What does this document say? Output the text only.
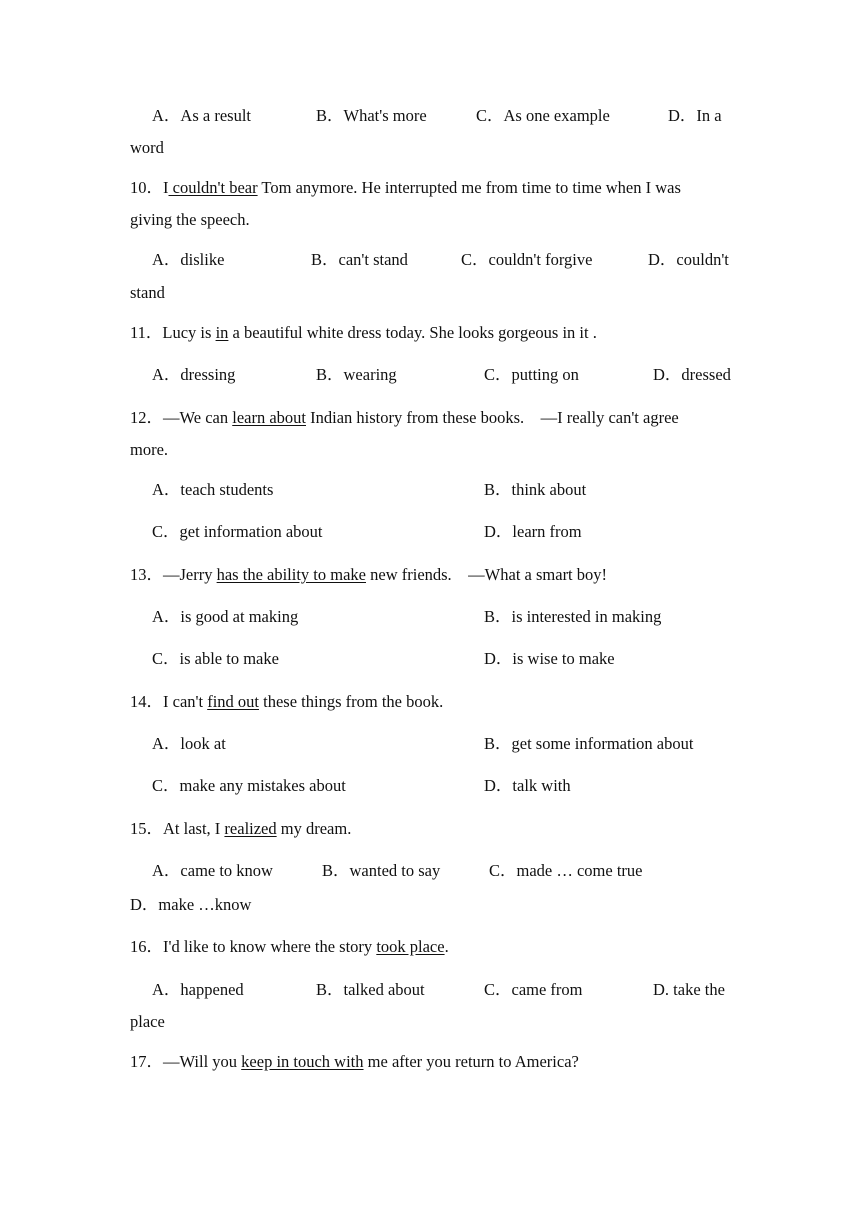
A．As a result	B．What's more	C．As one example	D．In a
word
10．I couldn't bear Tom anymore. He interrupted me from time to time when I was
giving the speech.
A．dislike	B．can't stand	C．couldn't forgive	D．couldn't
stand
11．Lucy is in a beautiful white dress today. She looks gorgeous in it .
A．dressing	B．wearing	C．putting on	D．dressed
12．—We can learn about Indian history from these books.    —I really can't agree
more.
A．teach students	B．think about
C．get information about	D．learn from
13．—Jerry has the ability to make new friends.    —What a smart boy!
A．is good at making	B．is interested in making
C．is able to make	D．is wise to make
14．I can't find out these things from the book.
A．look at	B．get some information about
C．make any mistakes about	D．talk with
15．At last, I realized my dream.
A．came to know	B．wanted to say	C．made … come true
D．make …know
16．I'd like to know where the story took place.
A．happened	B．talked about	C．came from	D. take the
place
17．—Will you keep in touch with me after you return to America?
